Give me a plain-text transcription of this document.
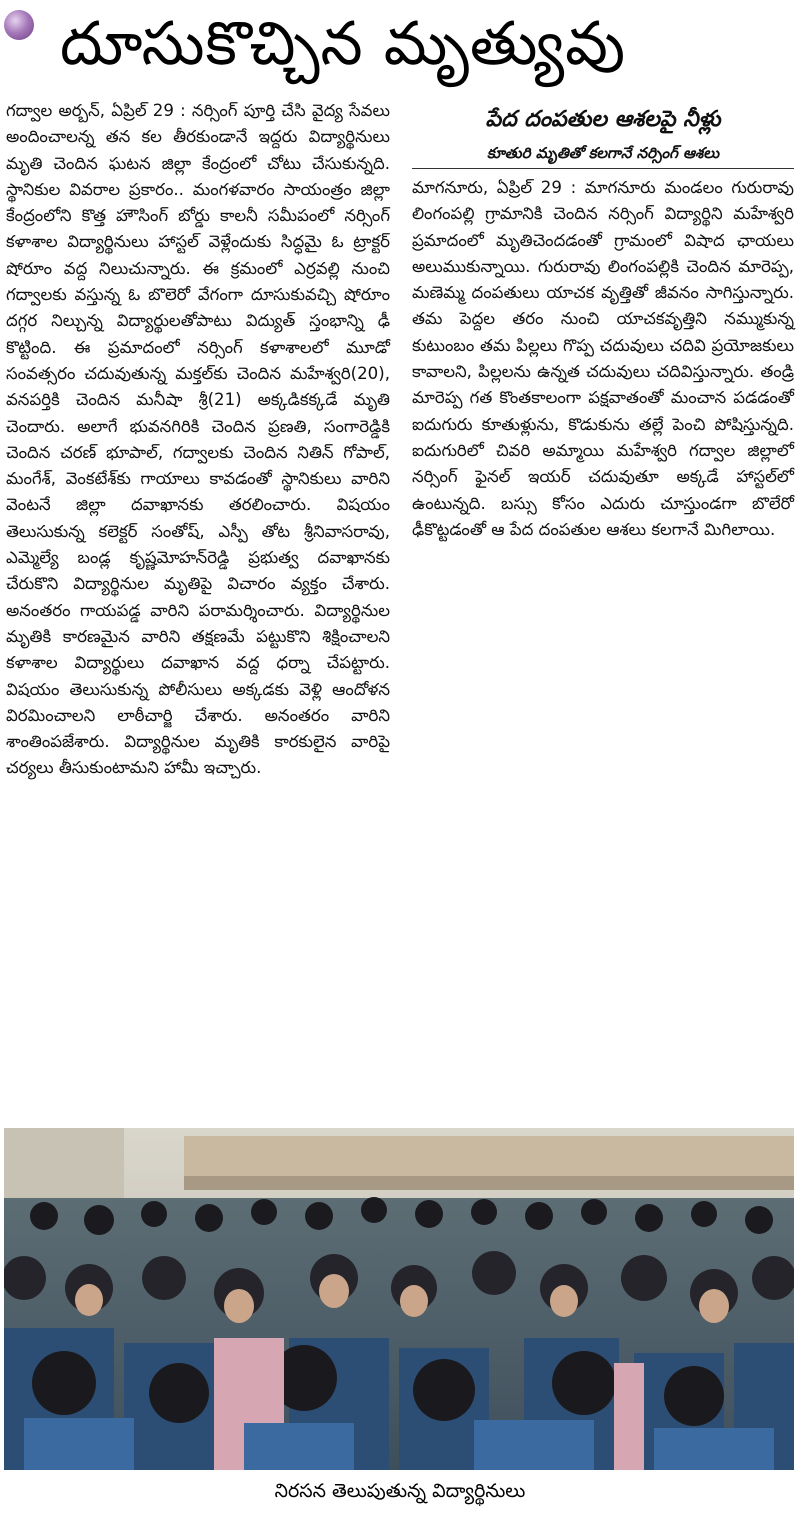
దూసుకొచ్చిన మృత్యువు

గద్వాల అర్బన్, ఏప్రిల్ 29 : నర్సింగ్ పూర్తి చేసి వైద్య సేవలు అందించాలన్న తన కల తీరకుండానే ఇద్దరు విద్యార్థినులు మృతి చెందిన ఘటన జిల్లా కేంద్రంలో చోటు చేసుకున్నది. స్థానికుల వివరాల ప్రకారం.. మంగళవారం సాయంత్రం జిల్లా కేంద్రంలోని కొత్త హౌసింగ్ బోర్డు కాలనీ సమీపంలో నర్సింగ్ కళాశాల విద్యార్థినులు హాస్టల్ వెళ్లేందుకు సిద్ధమై ఓ ట్రాక్టర్ షోరూం వద్ద నిలుచున్నారు. ఈ క్రమంలో ఎర్రవల్లి నుంచి గద్వాలకు వస్తున్న ఓ బొలెరో వేగంగా దూసుకువచ్చి షోరూం దగ్గర నిల్చున్న విద్యార్థులతోపాటు విద్యుత్ స్తంభాన్ని ఢీ కొట్టింది. ఈ ప్రమాదంలో నర్సింగ్ కళాశాలలో మూడో సంవత్సరం చదువుతున్న మక్తల్‌కు చెందిన మహేశ్వరి(20), వనపర్తికి చెందిన మనీషా శ్రీ(21) అక్కడికక్కడే మృతి చెందారు. అలాగే భువనగిరికి చెందిన ప్రణతి, సంగారెడ్డికి చెందిన చరణ్ భూపాల్, గద్వాలకు చెందిన నితిన్ గోపాల్, మంగేశ్, వెంకటేశ్‌కు గాయాలు కావడంతో స్థానికులు వారిని వెంటనే జిల్లా దవాఖానకు తరలించారు. విషయం తెలుసుకున్న కలెక్టర్ సంతోష్, ఎస్పీ తోట శ్రీనివాసరావు, ఎమ్మెల్యే బండ్ల కృష్ణమోహన్‌రెడ్డి ప్రభుత్వ దవాఖానకు చేరుకొని విద్యార్థినుల మృతిపై విచారం వ్యక్తం చేశారు. అనంతరం గాయపడ్డ వారిని పరామర్శించారు. విద్యార్థినుల మృతికి కారణమైన వారిని తక్షణమే పట్టుకొని శిక్షించాలని కళాశాల విద్యార్థులు దవాఖాన వద్ద ధర్నా చేపట్టారు. విషయం తెలుసుకున్న పోలీసులు అక్కడకు వెళ్లి ఆందోళన విరమించాలని లాఠీచార్జి చేశారు. అనంతరం వారిని శాంతింపజేశారు. విద్యార్థినుల మృతికి కారకులైన వారిపై చర్యలు తీసుకుంటామని హామీ ఇచ్చారు.

పేద దంపతుల ఆశలపై నీళ్లు
కూతురి మృతితో కలగానే నర్సింగ్ ఆశలు

మాగనూరు, ఏప్రిల్ 29 : మాగనూరు మండలం గురురావు లింగంపల్లి గ్రామానికి చెందిన నర్సింగ్ విద్యార్థిని మహేశ్వరి ప్రమాదంలో మృతిచెందడంతో గ్రామంలో విషాద ఛాయలు అలుముకున్నాయి. గురురావు లింగంపల్లికి చెందిన మారెప్ప, మణెమ్మ దంపతులు యాచక వృత్తితో జీవనం సాగిస్తున్నారు. తమ పెద్దల తరం నుంచి యాచకవృత్తిని నమ్ముకున్న కుటుంబం తమ పిల్లలు గొప్ప చదువులు చదివి ప్రయోజకులు కావాలని, పిల్లలను ఉన్నత చదువులు చదివిస్తున్నారు. తండ్రి మారెప్ప గత కొంతకాలంగా పక్షవాతంతో మంచాన పడడంతో ఐదుగురు కూతుళ్లును, కొడుకును తల్లే పెంచి పోషిస్తున్నది. ఐదుగురిలో చివరి అమ్మాయి మహేశ్వరి గద్వాల జిల్లాలో నర్సింగ్ ఫైనల్ ఇయర్ చదువుతూ అక్కడే హాస్టల్‌లో ఉంటున్నది. బస్సు కోసం ఎదురు చూస్తుండగా బొలేరో ఢీకొట్టడంతో ఆ పేద దంపతుల ఆశలు కలగానే మిగిలాయి.

నిరసన తెలుపుతున్న విద్యార్థినులు
